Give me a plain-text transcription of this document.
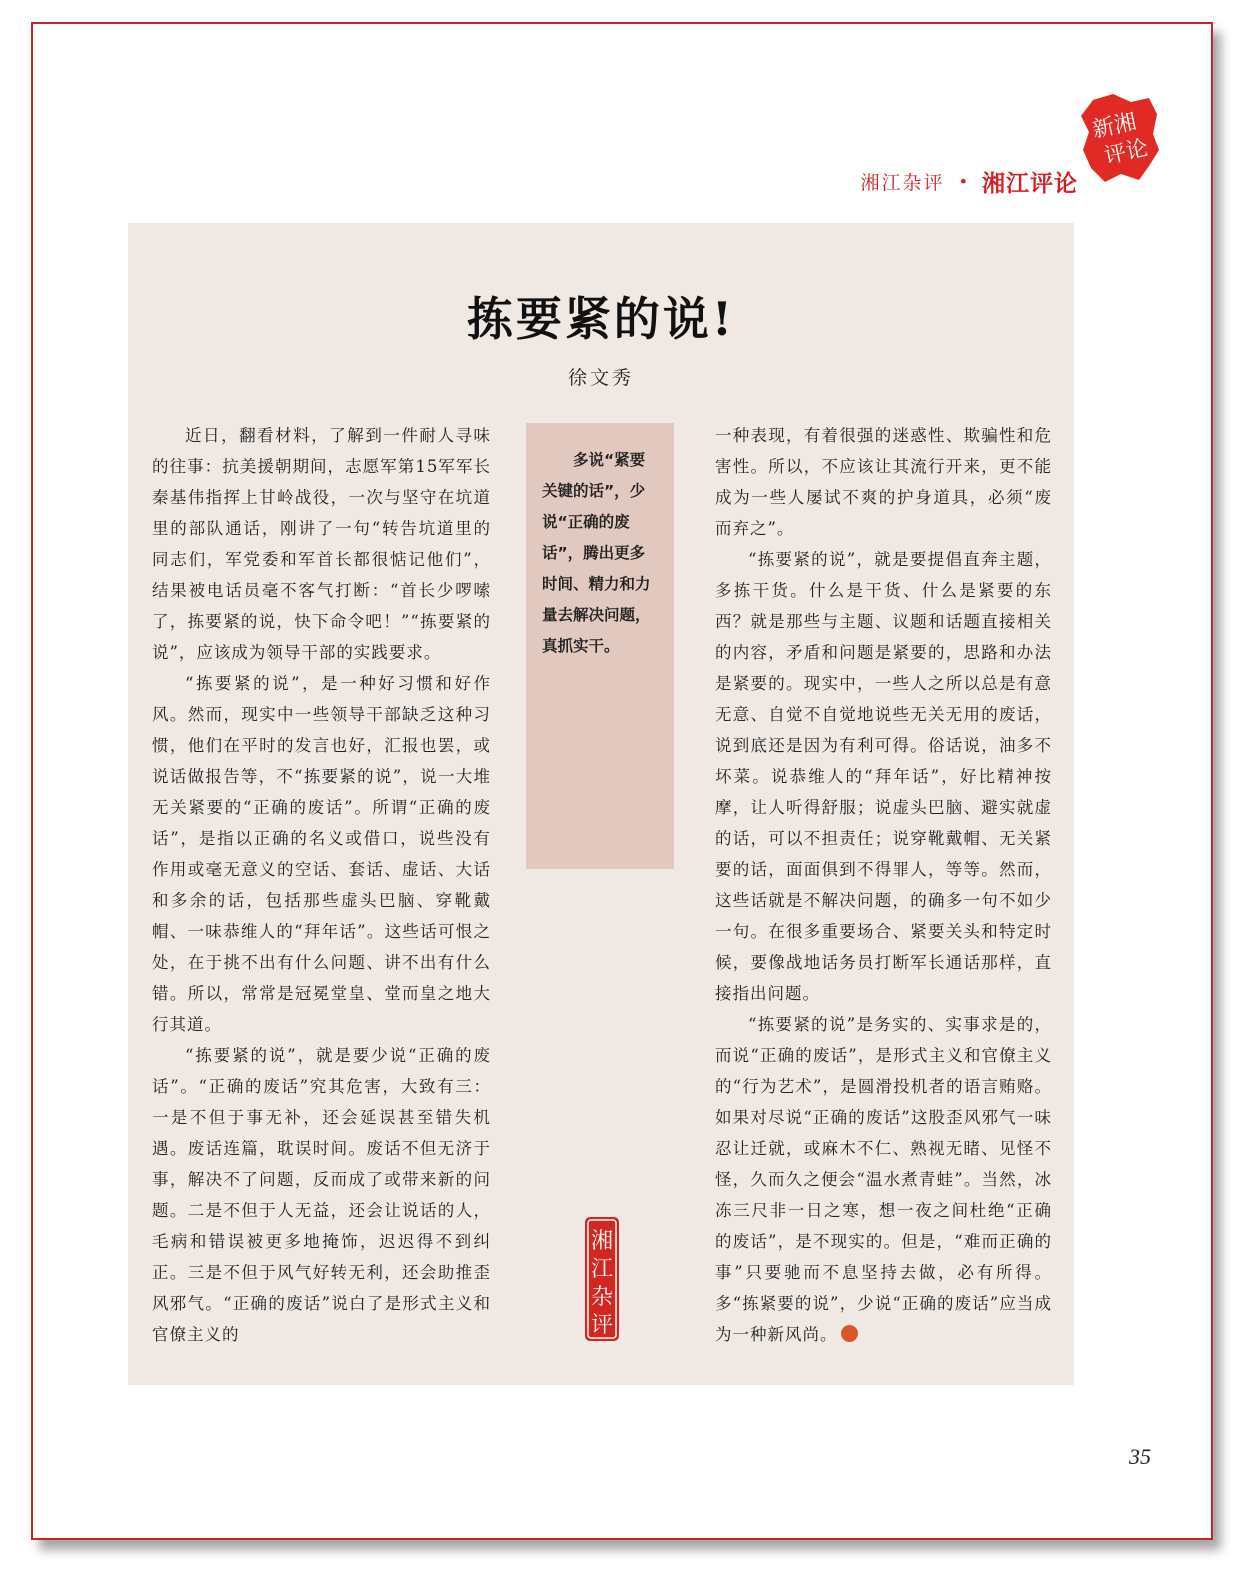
湘江杂评 • 湘江评论
新湘
评论
拣要紧的说!
徐文秀

近日，翻看材料，了解到一件耐人寻味的往事：抗美援朝期间，志愿军第15军军长秦基伟指挥上甘岭战役，一次与坚守在坑道里的部队通话，刚讲了一句“转告坑道里的同志们，军党委和军首长都很惦记他们”，结果被电话员毫不客气打断：“首长少啰嗦了，拣要紧的说，快下命令吧！”“拣要紧的说”，应该成为领导干部的实践要求。

“拣要紧的说”，是一种好习惯和好作风。然而，现实中一些领导干部缺乏这种习惯，他们在平时的发言也好，汇报也罢，或说话做报告等，不“拣要紧的说”，说一大堆无关紧要的“正确的废话”。所谓“正确的废话”，是指以正确的名义或借口，说些没有作用或毫无意义的空话、套话、虚话、大话和多余的话，包括那些虚头巴脑、穿靴戴帽、一味恭维人的“拜年话”。这些话可恨之处，在于挑不出有什么问题、讲不出有什么错。所以，常常是冠冕堂皇、堂而皇之地大行其道。

“拣要紧的说”，就是要少说“正确的废话”。“正确的废话”究其危害，大致有三：一是不但于事无补，还会延误甚至错失机遇。废话连篇，耽误时间。废话不但无济于事，解决不了问题，反而成了或带来新的问题。二是不但于人无益，还会让说话的人，毛病和错误被更多地掩饰，迟迟得不到纠正。三是不但于风气好转无利，还会助推歪风邪气。“正确的废话”说白了是形式主义和官僚主义的

多说“紧要关键的话”，少说“正确的废话”，腾出更多时间、精力和力量去解决问题，真抓实干。
湘
江
杂
评

一种表现，有着很强的迷惑性、欺骗性和危害性。所以，不应该让其流行开来，更不能成为一些人屡试不爽的护身道具，必须“废而弃之”。

“拣要紧的说”，就是要提倡直奔主题，多拣干货。什么是干货、什么是紧要的东西？就是那些与主题、议题和话题直接相关的内容，矛盾和问题是紧要的，思路和办法是紧要的。现实中，一些人之所以总是有意无意、自觉不自觉地说些无关无用的废话，说到底还是因为有利可得。俗话说，油多不坏菜。说恭维人的“拜年话”，好比精神按摩，让人听得舒服；说虚头巴脑、避实就虚的话，可以不担责任；说穿靴戴帽、无关紧要的话，面面俱到不得罪人，等等。然而，这些话就是不解决问题，的确多一句不如少一句。在很多重要场合、紧要关头和特定时候，要像战地话务员打断军长通话那样，直接指出问题。

“拣要紧的说”是务实的、实事求是的，而说“正确的废话”，是形式主义和官僚主义的“行为艺术”，是圆滑投机者的语言贿赂。如果对尽说“正确的废话”这股歪风邪气一味忍让迁就，或麻木不仁、熟视无睹、见怪不怪，久而久之便会“温水煮青蛙”。当然，冰冻三尺非一日之寒，想一夜之间杜绝“正确的废话”，是不现实的。但是，“难而正确的事”只要驰而不息坚持去做，必有所得。多“拣紧要的说”，少说“正确的废话”应当成为一种新风尚。

35
